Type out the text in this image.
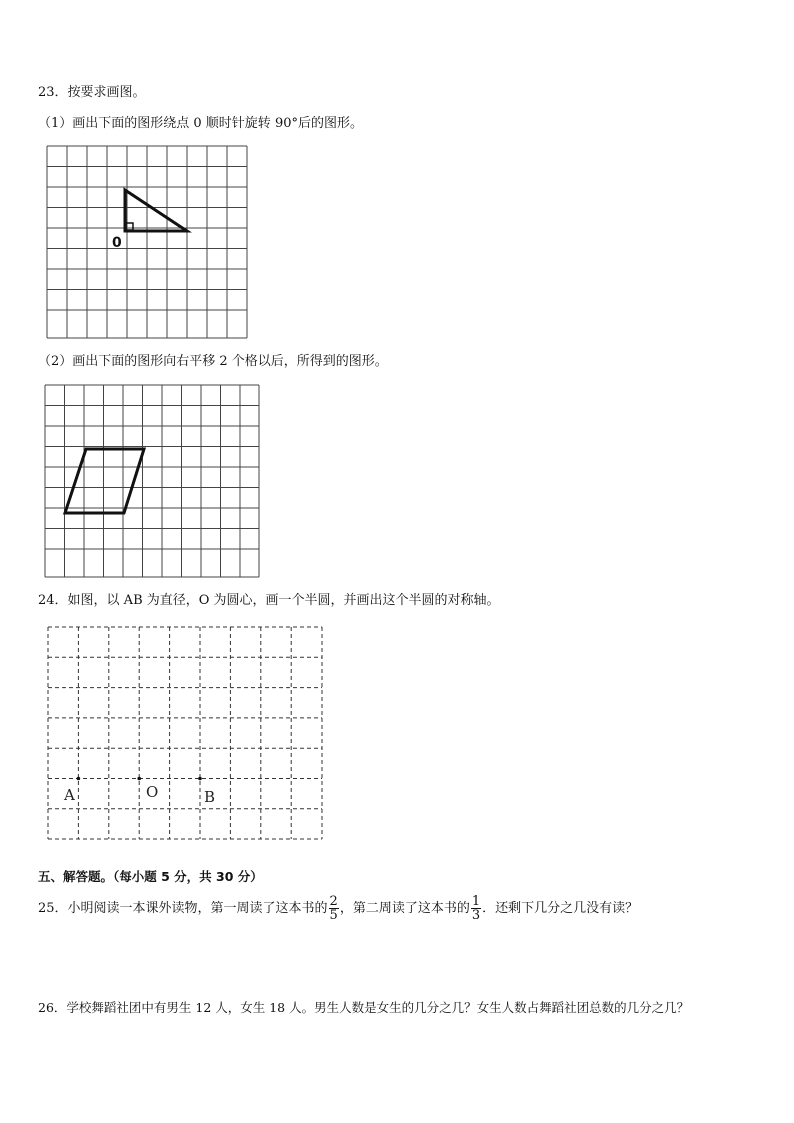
23．按要求画图。
（1）画出下面的图形绕点 0 顺时针旋转 90°后的图形。
0
（2）画出下面的图形向右平移 2 个格以后，所得到的图形。
24．如图，以 AB 为直径，O 为圆心，画一个半圆，并画出这个半圆的对称轴。
A	O	B
五、解答题。（每小题 5 分，共 30 分）
25．小明阅读一本课外读物，第一周读了这本书的 $\frac{2}{5}$ ，第二周读了这本书的 $\frac{1}{3}$ ．还剩下几分之几没有读？
26．学校舞蹈社团中有男生 12 人，女生 18 人。男生人数是女生的几分之几？女生人数占舞蹈社团总数的几分之几？
